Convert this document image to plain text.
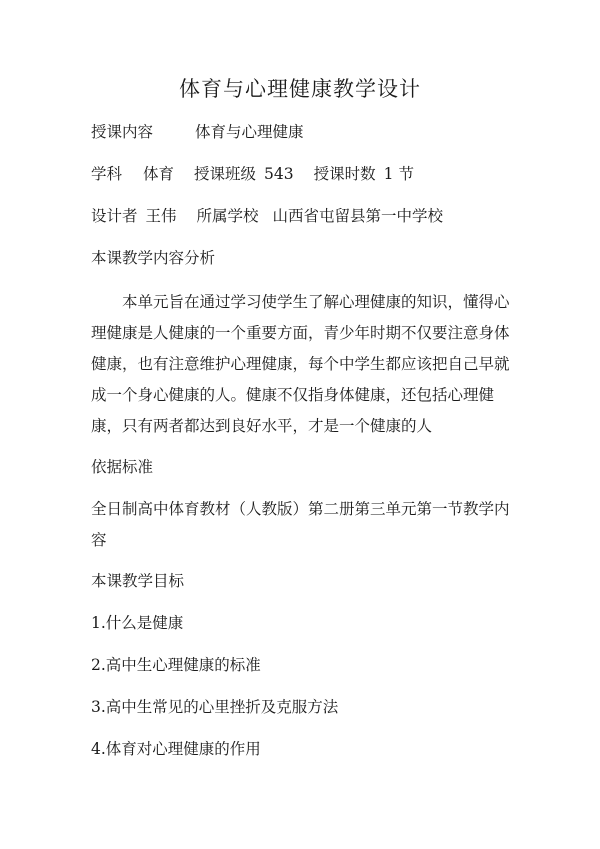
体育与心理健康教学设计
授课内容	体育与心理健康
学科 体育 授课班级 543 授课时数 1 节
设计者 王伟 所属学校 山西省屯留县第一中学校
本课教学内容分析

本单元旨在通过学习使学生了解心理健康的知识，懂得心

理健康是人健康的一个重要方面，青少年时期不仅要注意身体

健康，也有注意维护心理健康，每个中学生都应该把自己早就

成一个身心健康的人。健康不仅指身体健康，还包括心理健

康，只有两者都达到良好水平，才是一个健康的人

依据标准

全日制高中体育教材（人教版）第二册第三单元第一节教学内

容

本课教学目标
1.什么是健康
2.高中生心理健康的标准
3.高中生常见的心里挫折及克服方法
4.体育对心理健康的作用
